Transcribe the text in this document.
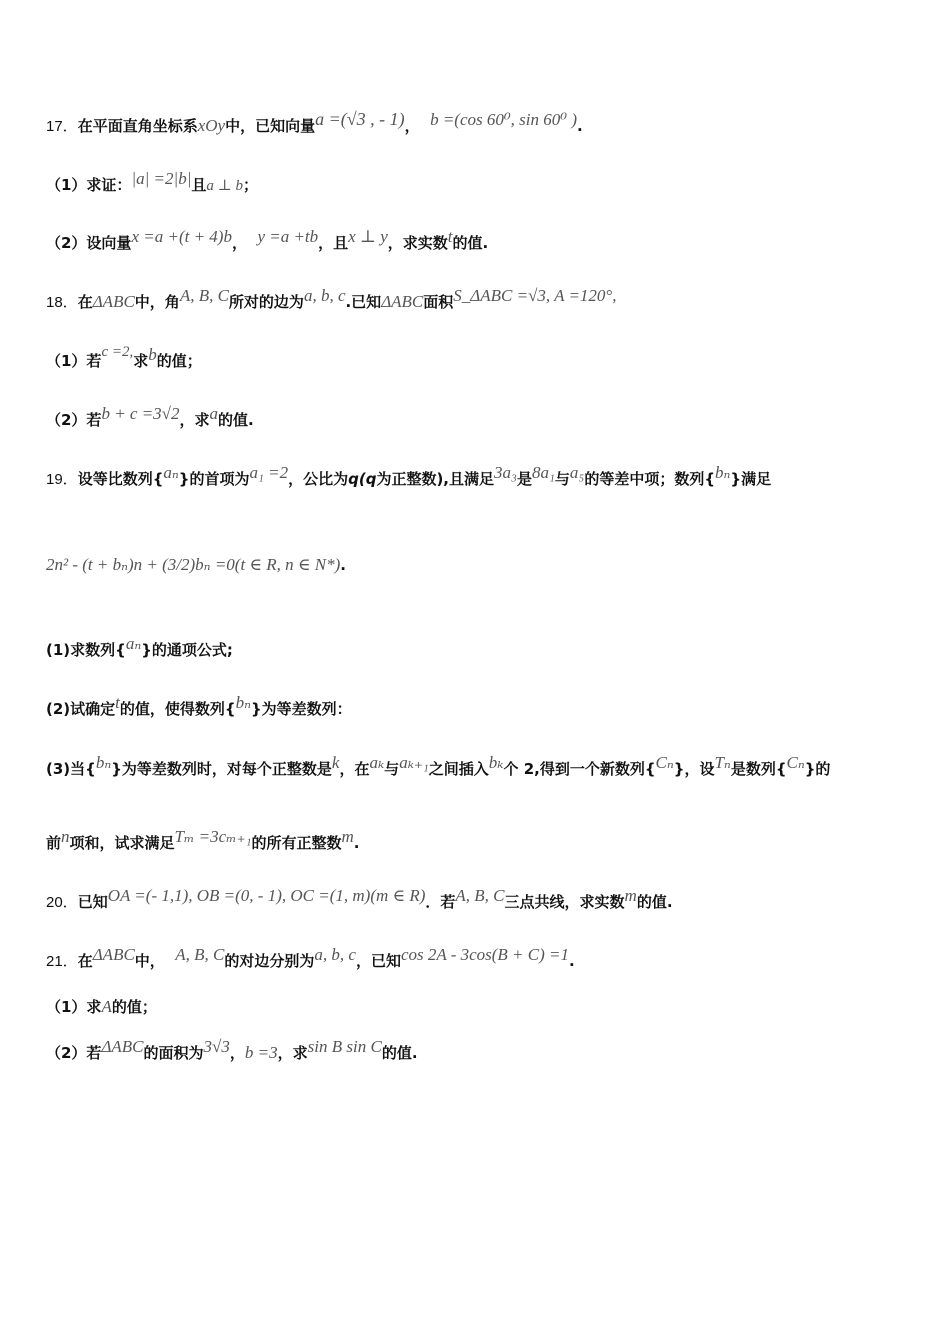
17．在平面直角坐标系xOy中，已知向量a =(√3 , - 1)， b =(cos 60⁰, sin 60⁰ ).
（1）求证：|a| =2|b|且a ⊥ b；
（2）设向量x =a +(t + 4)b， y =a +tb，且x ⊥ y，求实数t的值.
18．在ΔABC中，角A, B, C所对的边为a, b, c.已知ΔABC面积S_ΔABC =√3, A =120°,
（1）若c =2,求b的值；
（2）若b + c =3√2，求a的值.
19．设等比数列{aₙ}的首项为a₁ =2，公比为q(q为正整数),且满足3a₃是8a₁与a₅的等差中项；数列{bₙ}满足
2n² - (t + bₙ)n + (3/2)bₙ =0(t ∈ R, n ∈ N*).
(1)求数列{aₙ}的通项公式;
(2)试确定t的值，使得数列{bₙ}为等差数列：
(3)当{bₙ}为等差数列时，对每个正整数是k，在aₖ与aₖ₊₁之间插入bₖ个 2,得到一个新数列{Cₙ}，设Tₙ是数列{Cₙ}的
前n项和，试求满足Tₘ =3cₘ₊₁的所有正整数m.
20．已知OA =(- 1,1), OB =(0, - 1), OC =(1, m)(m ∈ R)．若A, B, C三点共线，求实数m的值.
21．在ΔABC中， A, B, C的对边分别为a, b, c，已知cos 2A - 3cos(B + C) =1.
（1）求A的值；
（2）若ΔABC的面积为3√3，b =3，求sin B sin C的值.
